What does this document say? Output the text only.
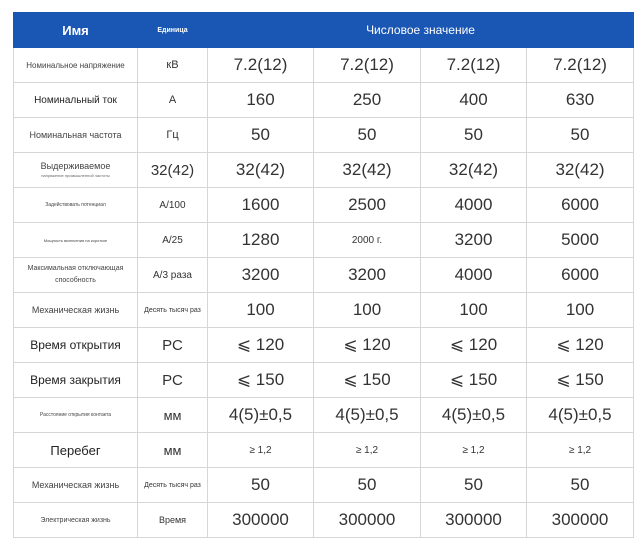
Имя	Единица	Числовое значение			
Номинальное напряжение	кВ	7.2(12)	7.2(12)	7.2(12)	7.2(12)
Номинальный ток	А	160	250	400	630
Номинальная частота	Гц	50	50	50	50
Выдерживаемое
напряжение промышленной частоты	32(42)	32(42)	32(42)	32(42)	32(42)
Задействовать потенциал	А/100	1600	2500	4000	6000
Мощность включения на короткое	А/25	1280	2000 г.	3200	5000
Максимальная отключающая способность	А/3 раза	3200	3200	4000	6000
Механическая жизнь	Десять тысяч раз	100	100	100	100
Время открытия	РС	⩽ 120	⩽ 120	⩽ 120	⩽ 120
Время закрытия	РС	⩽ 150	⩽ 150	⩽ 150	⩽ 150
Расстояние открытия контакта	мм	4(5)±0,5	4(5)±0,5	4(5)±0,5	4(5)±0,5
Перебег	мм	≥ 1,2	≥ 1,2	≥ 1,2	≥ 1,2
Механическая жизнь	Десять тысяч раз	50	50	50	50
Электрическая жизнь	Время	300000	300000	300000	300000
